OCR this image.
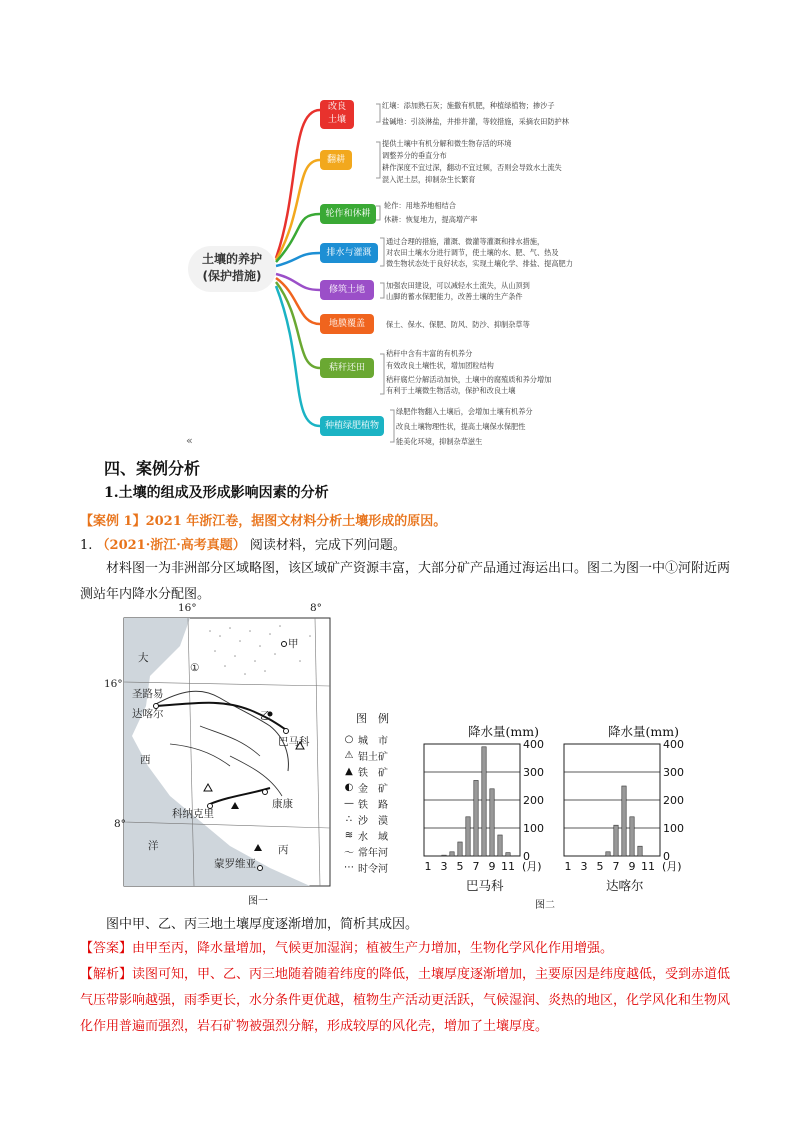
土壤的养护
(保护措施)
改良
土壤
红壤：添加熟石灰；施撒有机肥，种植绿植物；掺沙子
盐碱地：引淡淋盐，井排井灌，等较措施，采摘农田防护林
翻耕
提供土壤中有机分解和微生物存活的环境
调整养分的垂直分布
耕作深度不宜过深，翻动不宜过频，否则会导致水土流失
混入泥土层，抑制杂生长繁育
轮作和休耕
轮作：用地养地相结合
休耕：恢复地力，提高增产率
排水与灌溉
通过合理的措施，灌溉、微灌等灌溉和排水措施，
对农田土壤水分进行调节，使土壤的水、肥、气、热及
微生物状态处于良好状态，实现土壤化学、排盐、提高肥力
修筑土地	加强农田建设，可以减轻水土流失，从山顶到
山脚的蓄水保肥能力，改善土壤的生产条件
地膜覆盖	保土、保水、保肥、防风、防沙、抑制杂草等
秸秆还田
秸秆中含有丰富的有机养分
有效改良土壤性状，增加团粒结构
秸秆腐烂分解活动加快，土壤中的腐殖质和养分增加
有利于土壤微生物活动，保护和改良土壤
种植绿肥植物
绿肥作物翻入土壤后，会增加土壤有机养分
改良土壤物理性状，提高土壤保水保肥性
能美化环境，抑制杂草滋生
«
四、案例分析
1.土壤的组成及形成影响因素的分析
【案例 1】2021 年浙江卷，据图文材料分析土壤形成的原因。
1. （2021·浙江·高考真题） 阅读材料，完成下列问题。
材料图一为非洲部分区域略图，该区域矿产资源丰富，大部分矿产品通过海运出口。图二为图一中①河附近两测站年内降水分配图。
16°	8°
16°
8°
大
西
洋
圣路易
达喀尔
甲
乙
丙
①
巴马科
科纳克里
康康
蒙罗维亚
图一
图　例
○ 城　市
⚠ 铝土矿
▲ 铁　矿
◐ 金　矿
— 铁　路
∴ 沙　漠
≋ 水　域
〜 常年河
⋯ 时令河
0
100
200
300
400
1 3 5 7 9 11 (月)
降水量(mm)
巴马科
0
100
200
300
400
1 3 5 7 9 11 (月)
降水量(mm)
达喀尔
图二
图中甲、乙、丙三地土壤厚度逐渐增加，简析其成因。
【答案】由甲至丙，降水量增加，气候更加湿润；植被生产力增加，生物化学风化作用增强。
【解析】读图可知，甲、乙、丙三地随着随着纬度的降低，土壤厚度逐渐增加，主要原因是纬度越低，受到赤道低气压带影响越强，雨季更长，水分条件更优越，植物生产活动更活跃，气候湿润、炎热的地区，化学风化和生物风化作用普遍而强烈，岩石矿物被强烈分解，形成较厚的风化壳，增加了土壤厚度。
